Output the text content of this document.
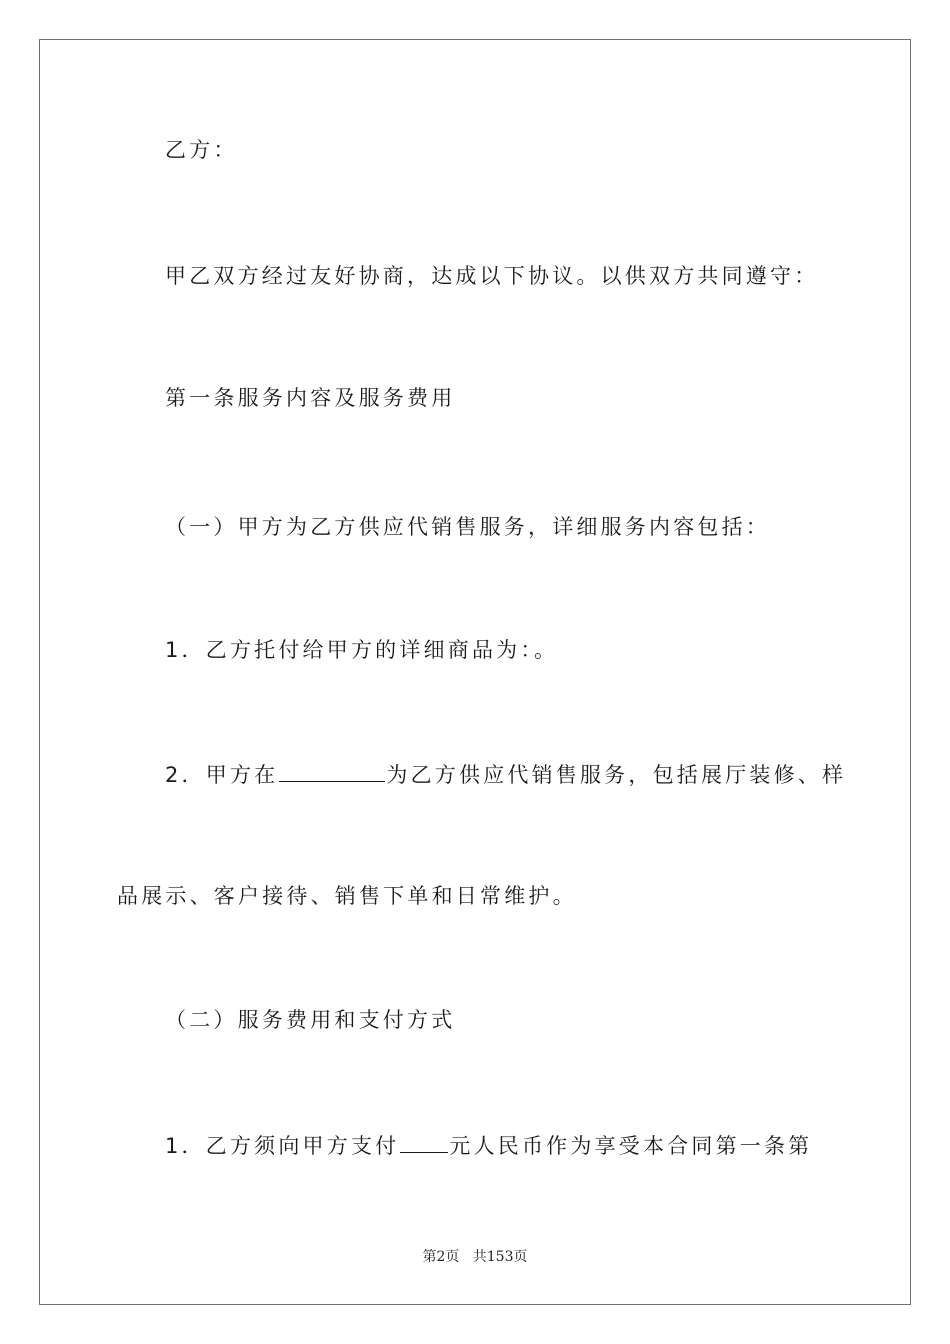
乙方：
甲乙双方经过友好协商，达成以下协议。以供双方共同遵守：
第一条服务内容及服务费用
（一）甲方为乙方供应代销售服务，详细服务内容包括：
1．乙方托付给甲方的详细商品为：。
2．甲方在	为乙方供应代销售服务，包括展厅装修、样
品展示、客户接待、销售下单和日常维护。
（二）服务费用和支付方式
1．乙方须向甲方支付 元人民币作为享受本合同第一条第
第2页 共153页
